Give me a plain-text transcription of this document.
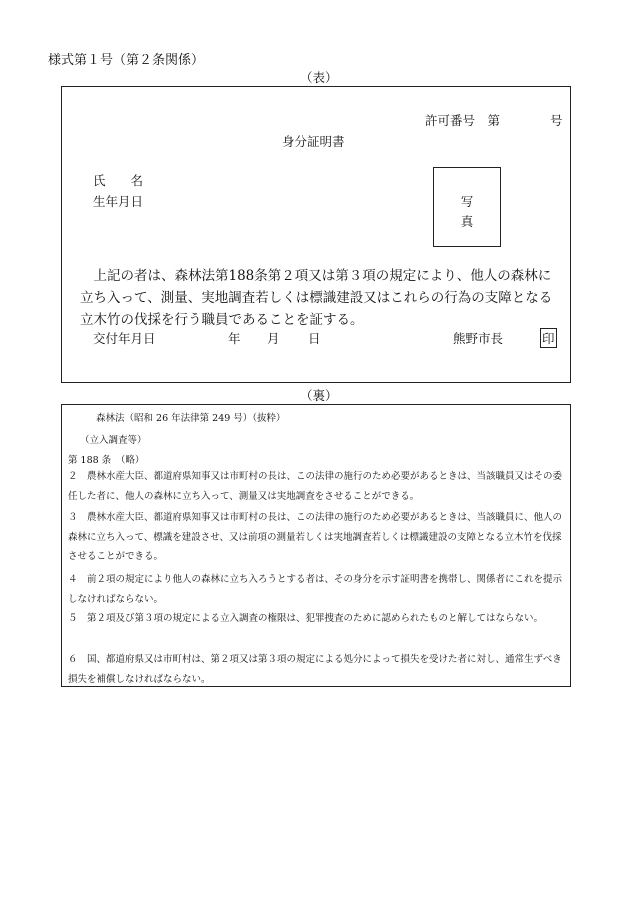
様式第１号（第２条関係）
（表）
許可番号　第　　　　号
身分証明書
氏　　名
生年月日	写
真
上記の者は、森林法第188条第２項又は第３項の規定により、他人の森林に立ち入って、測量、実地調査若しくは標識建設又はこれらの行為の支障となる立木竹の伐採を行う職員であることを証する。
交付年月日	年 月 日	熊野市長	印
（裏）
森林法（昭和 26 年法律第 249 号）（抜粋）
（立入調査等）
第 188 条　（略）
２　農林水産大臣、都道府県知事又は市町村の長は、この法律の施行のため必要があるときは、当該職員又はその委任した者に、他人の森林に立ち入って、測量又は実地調査をさせることができる。
３　農林水産大臣、都道府県知事又は市町村の長は、この法律の施行のため必要があるときは、当該職員に、他人の森林に立ち入って、標識を建設させ、又は前項の測量若しくは実地調査若しくは標識建設の支障となる立木竹を伐採させることができる。
４　前２項の規定により他人の森林に立ち入ろうとする者は、その身分を示す証明書を携帯し、関係者にこれを提示しなければならない。
５　第２項及び第３項の規定による立入調査の権限は、犯罪捜査のために認められたものと解してはならない。
６　国、都道府県又は市町村は、第２項又は第３項の規定による処分によって損失を受けた者に対し、通常生ずべき損失を補償しなければならない。
